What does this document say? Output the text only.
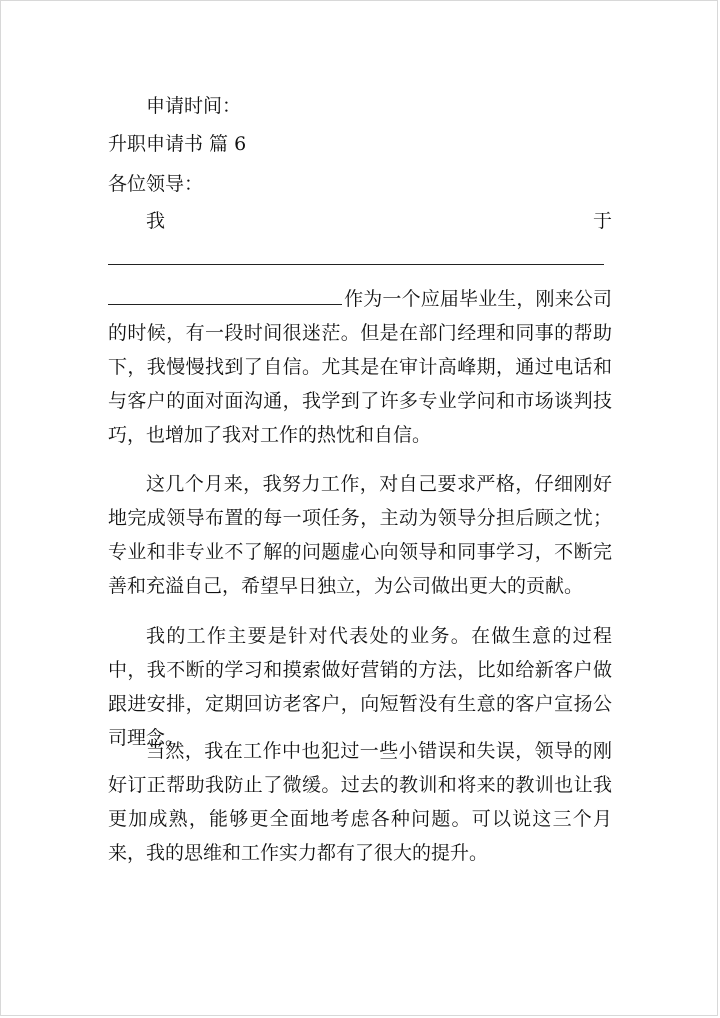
申请时间：
升职申请书 篇 6
各位领导：
我	于
作为一个应届毕业生，刚来公司的时候，有一段时间很迷茫。但是在部门经理和同事的帮助下，我慢慢找到了自信。尤其是在审计高峰期，通过电话和与客户的面对面沟通，我学到了许多专业学问和市场谈判技巧，也增加了我对工作的热忱和自信。
这几个月来，我努力工作，对自己要求严格，仔细刚好地完成领导布置的每一项任务，主动为领导分担后顾之忧；专业和非专业不了解的问题虚心向领导和同事学习，不断完善和充溢自己，希望早日独立，为公司做出更大的贡献。
我的工作主要是针对代表处的业务。在做生意的过程中，我不断的学习和摸索做好营销的方法，比如给新客户做跟进安排，定期回访老客户，向短暂没有生意的客户宣扬公司理念。
当然，我在工作中也犯过一些小错误和失误，领导的刚好订正帮助我防止了微缓。过去的教训和将来的教训也让我更加成熟，能够更全面地考虑各种问题。可以说这三个月来，我的思维和工作实力都有了很大的提升。
